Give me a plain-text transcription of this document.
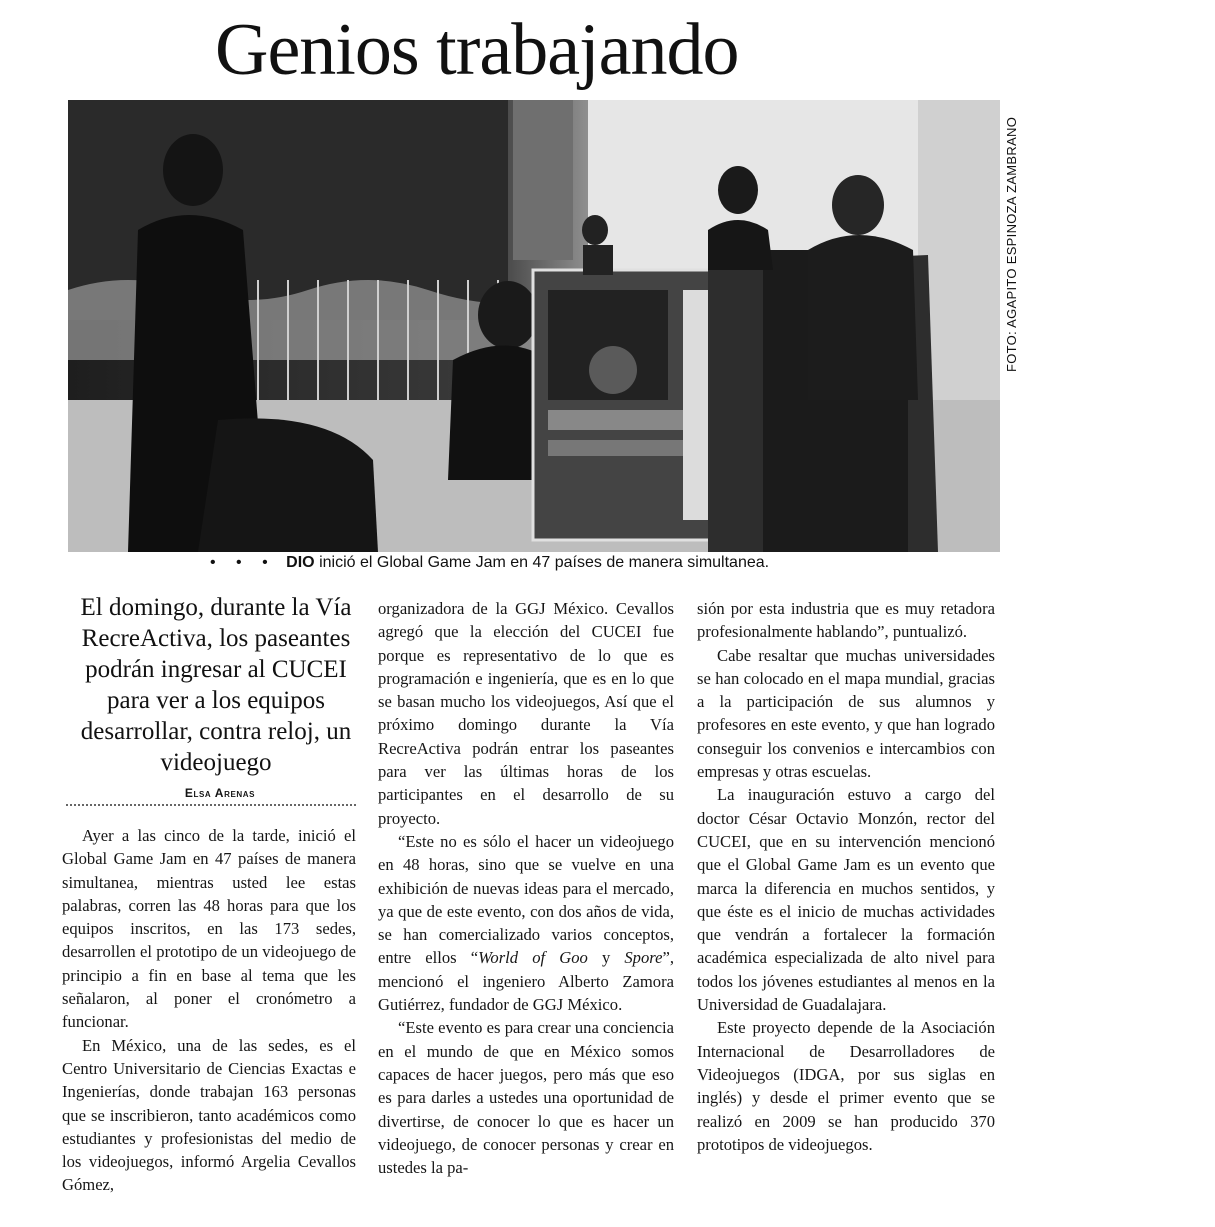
Genios trabajando
FOTO: AGAPITO ESPINOZA ZAMBRANO
• • • DIO inició el Global Game Jam en 47 países de manera simultanea.

El domingo, durante la Vía RecreActiva, los paseantes podrán ingresar al CUCEI para ver a los equipos desarrollar, contra reloj, un videojuego

Elsa Arenas

Ayer a las cinco de la tarde, inició el Global Game Jam en 47 países de manera simultanea, mientras usted lee estas palabras, corren las 48 horas para que los equipos inscritos, en las 173 sedes, desarrollen el prototipo de un videojuego de principio a fin en base al tema que les señalaron, al poner el cronómetro a funcionar.

En México, una de las sedes, es el Centro Universitario de Ciencias Exactas e Ingenierías, donde trabajan 163 personas que se inscribieron, tanto académicos como estudiantes y profesionistas del medio de los videojuegos, informó Argelia Cevallos Gómez,

organizadora de la GGJ México. Cevallos agregó que la elección del CUCEI fue porque es representativo de lo que es programación e ingeniería, que es en lo que se basan mucho los videojuegos, Así que el próximo domingo durante la Vía RecreActiva podrán entrar los paseantes para ver las últimas horas de los participantes en el desarrollo de su proyecto.

“Este no es sólo el hacer un videojuego en 48 horas, sino que se vuelve en una exhibición de nuevas ideas para el mercado, ya que de este evento, con dos años de vida, se han comercializado varios conceptos, entre ellos “World of Goo y Spore”, mencionó el ingeniero Alberto Zamora Gutiérrez, fundador de GGJ México.

“Este evento es para crear una conciencia en el mundo de que en México somos capaces de hacer juegos, pero más que eso es para darles a ustedes una oportunidad de divertirse, de conocer lo que es hacer un videojuego, de conocer personas y crear en ustedes la pa-

sión por esta industria que es muy retadora profesionalmente hablando”, puntualizó.

Cabe resaltar que muchas universidades se han colocado en el mapa mundial, gracias a la participación de sus alumnos y profesores en este evento, y que han logrado conseguir los convenios e intercambios con empresas y otras escuelas.

La inauguración estuvo a cargo del doctor César Octavio Monzón, rector del CUCEI, que en su intervención mencionó que el Global Game Jam es un evento que marca la diferencia en muchos sentidos, y que éste es el inicio de muchas actividades que vendrán a fortalecer la formación académica especializada de alto nivel para todos los jóvenes estudiantes al menos en la Universidad de Guadalajara.

Este proyecto depende de la Asociación Internacional de Desarrolladores de Videojuegos (IDGA, por sus siglas en inglés) y desde el primer evento que se realizó en 2009 se han producido 370 prototipos de videojuegos.
